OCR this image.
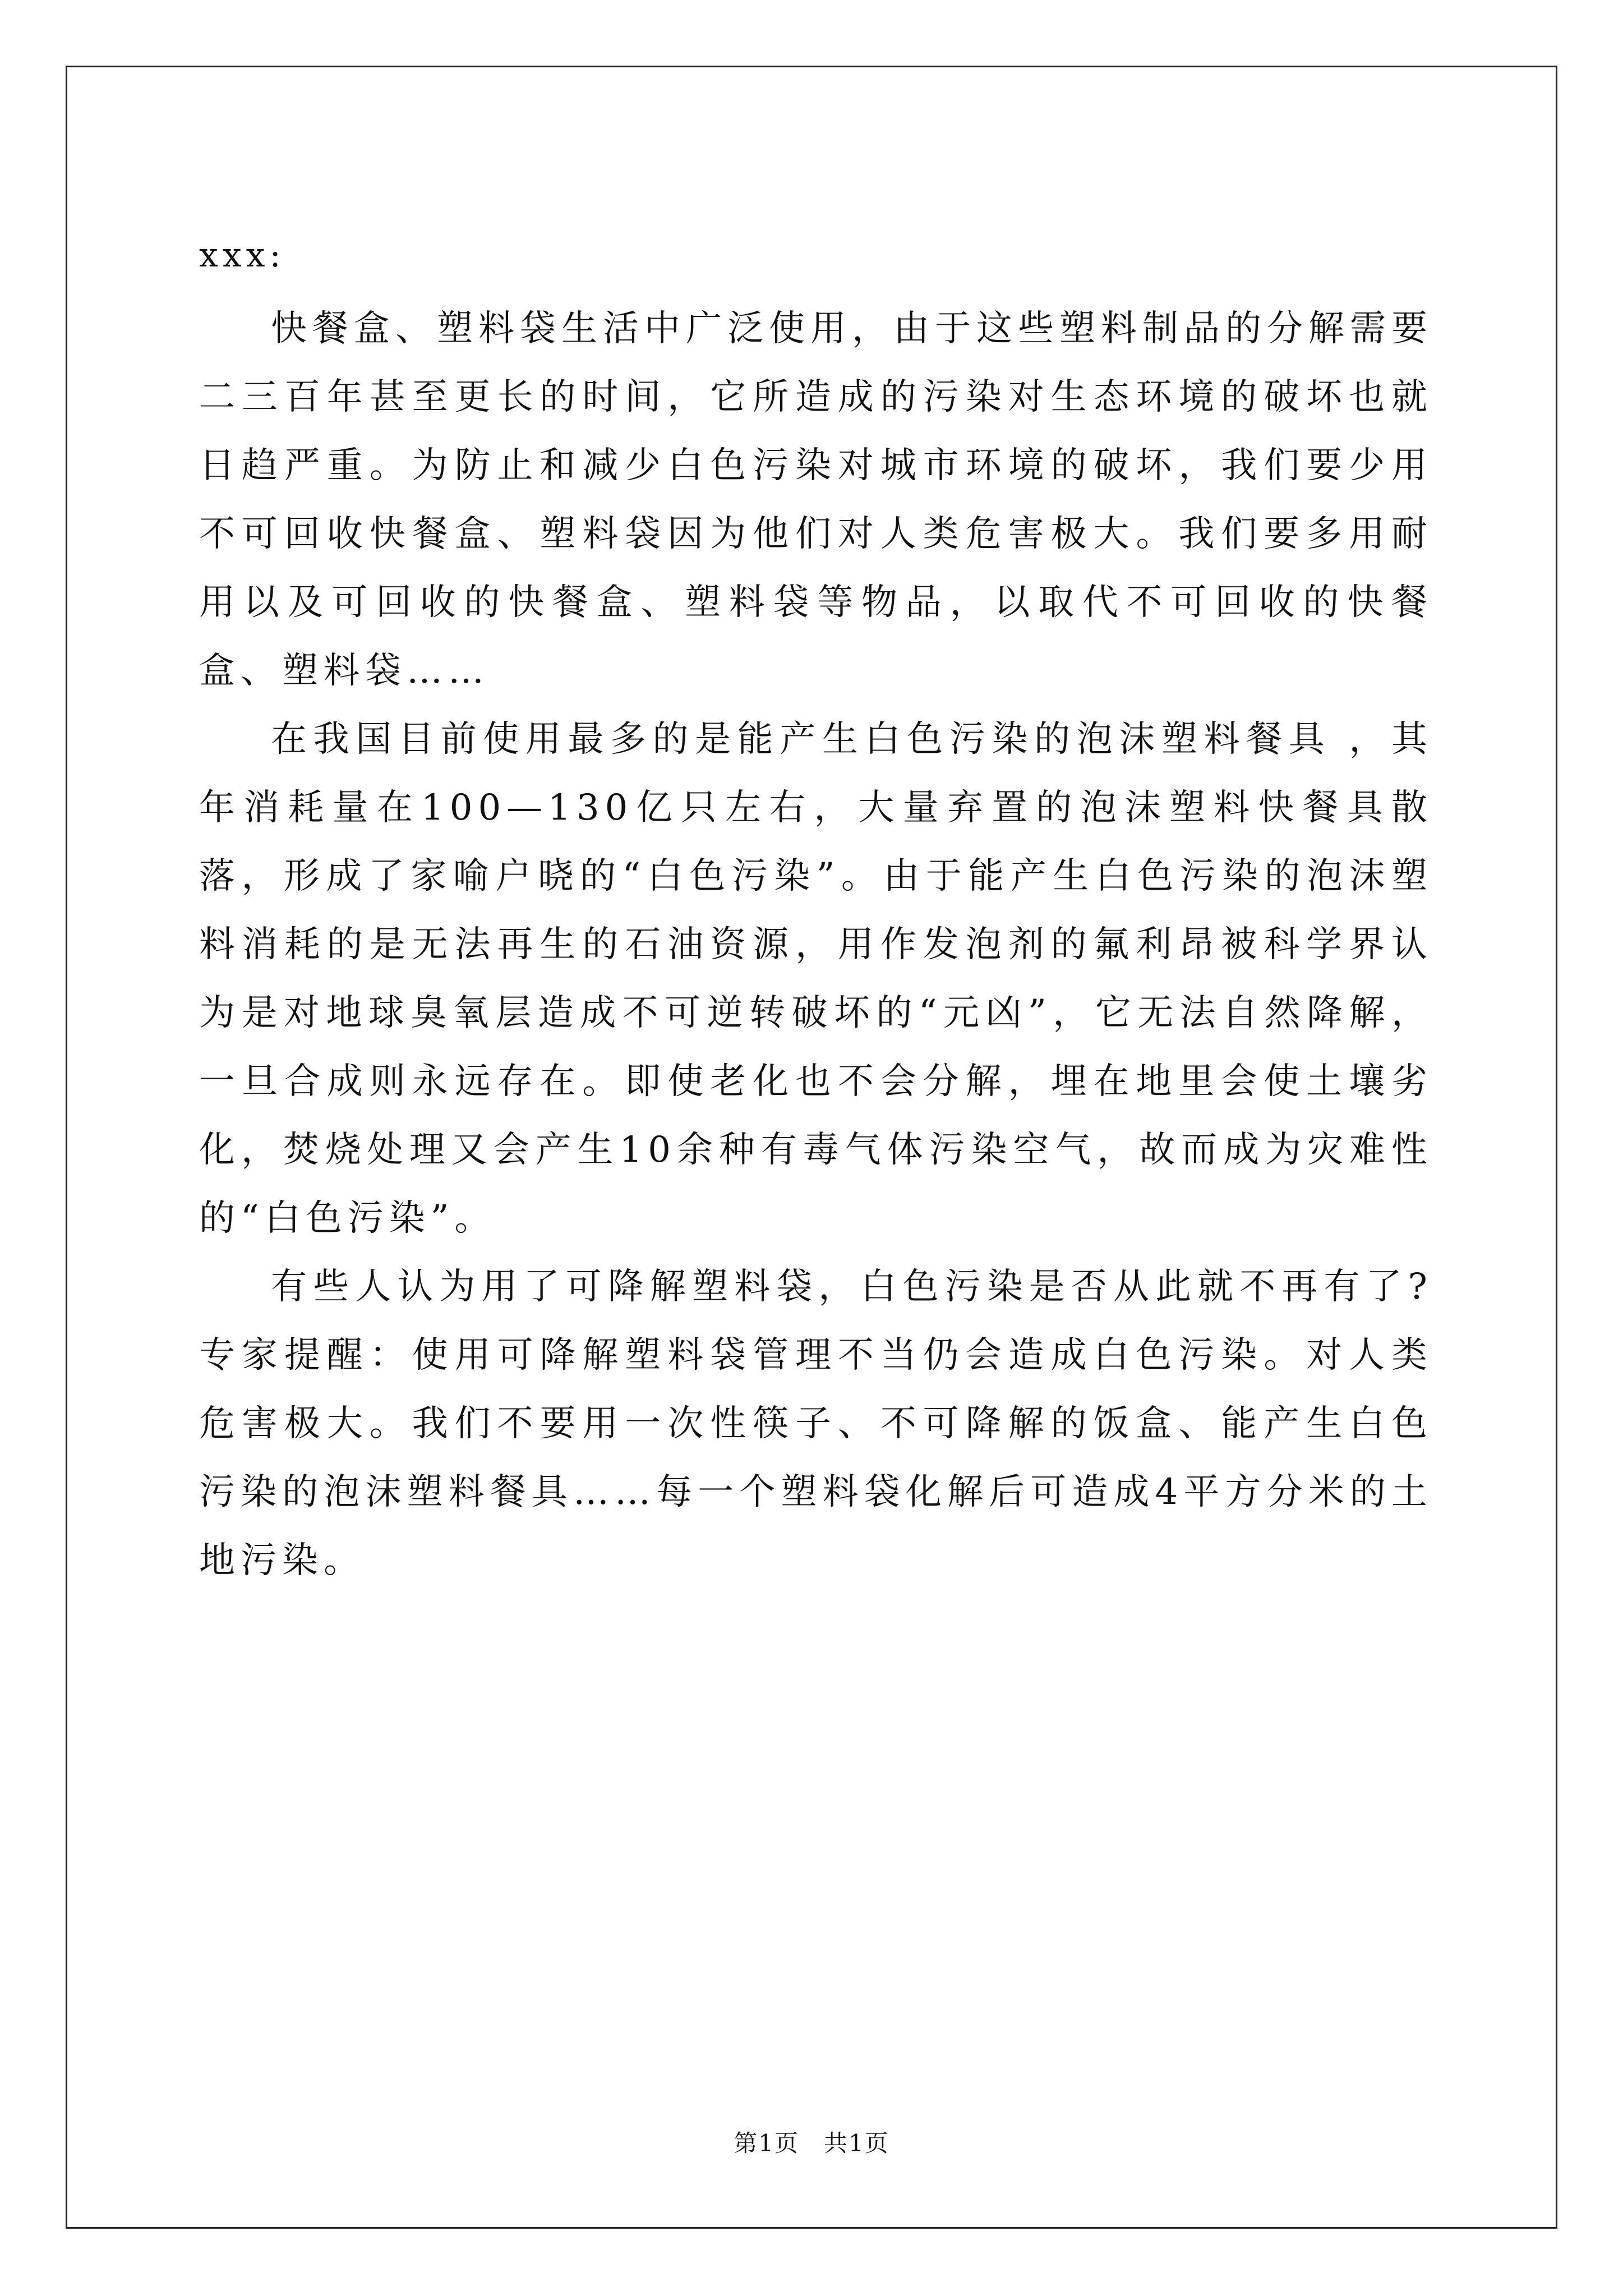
xxx:

快餐盒、塑料袋生活中广泛使用，由于这些塑料制品的分解需要二三百年甚至更长的时间，它所造成的污染对生态环境的破坏也就日趋严重。为防止和减少白色污染对城市环境的破坏，我们要少用不可回收快餐盒、塑料袋因为他们对人类危害极大。我们要多用耐用以及可回收的快餐盒、塑料袋等物品，以取代不可回收的快餐盒、塑料袋……

在我国目前使用最多的是能产生白色污染的泡沫塑料餐具 ，其年消耗量在100—130亿只左右，大量弃置的泡沫塑料快餐具散落，形成了家喻户晓的“白色污染”。由于能产生白色污染的泡沫塑料消耗的是无法再生的石油资源，用作发泡剂的氟利昂被科学界认为是对地球臭氧层造成不可逆转破坏的“元凶”，它无法自然降解，一旦合成则永远存在。即使老化也不会分解，埋在地里会使土壤劣化，焚烧处理又会产生10余种有毒气体污染空气，故而成为灾难性的“白色污染”。

有些人认为用了可降解塑料袋，白色污染是否从此就不再有了?专家提醒：使用可降解塑料袋管理不当仍会造成白色污染。对人类危害极大。我们不要用一次性筷子、不可降解的饭盒、能产生白色污染的泡沫塑料餐具……每一个塑料袋化解后可造成4平方分米的土地污染。

第1页　共1页
